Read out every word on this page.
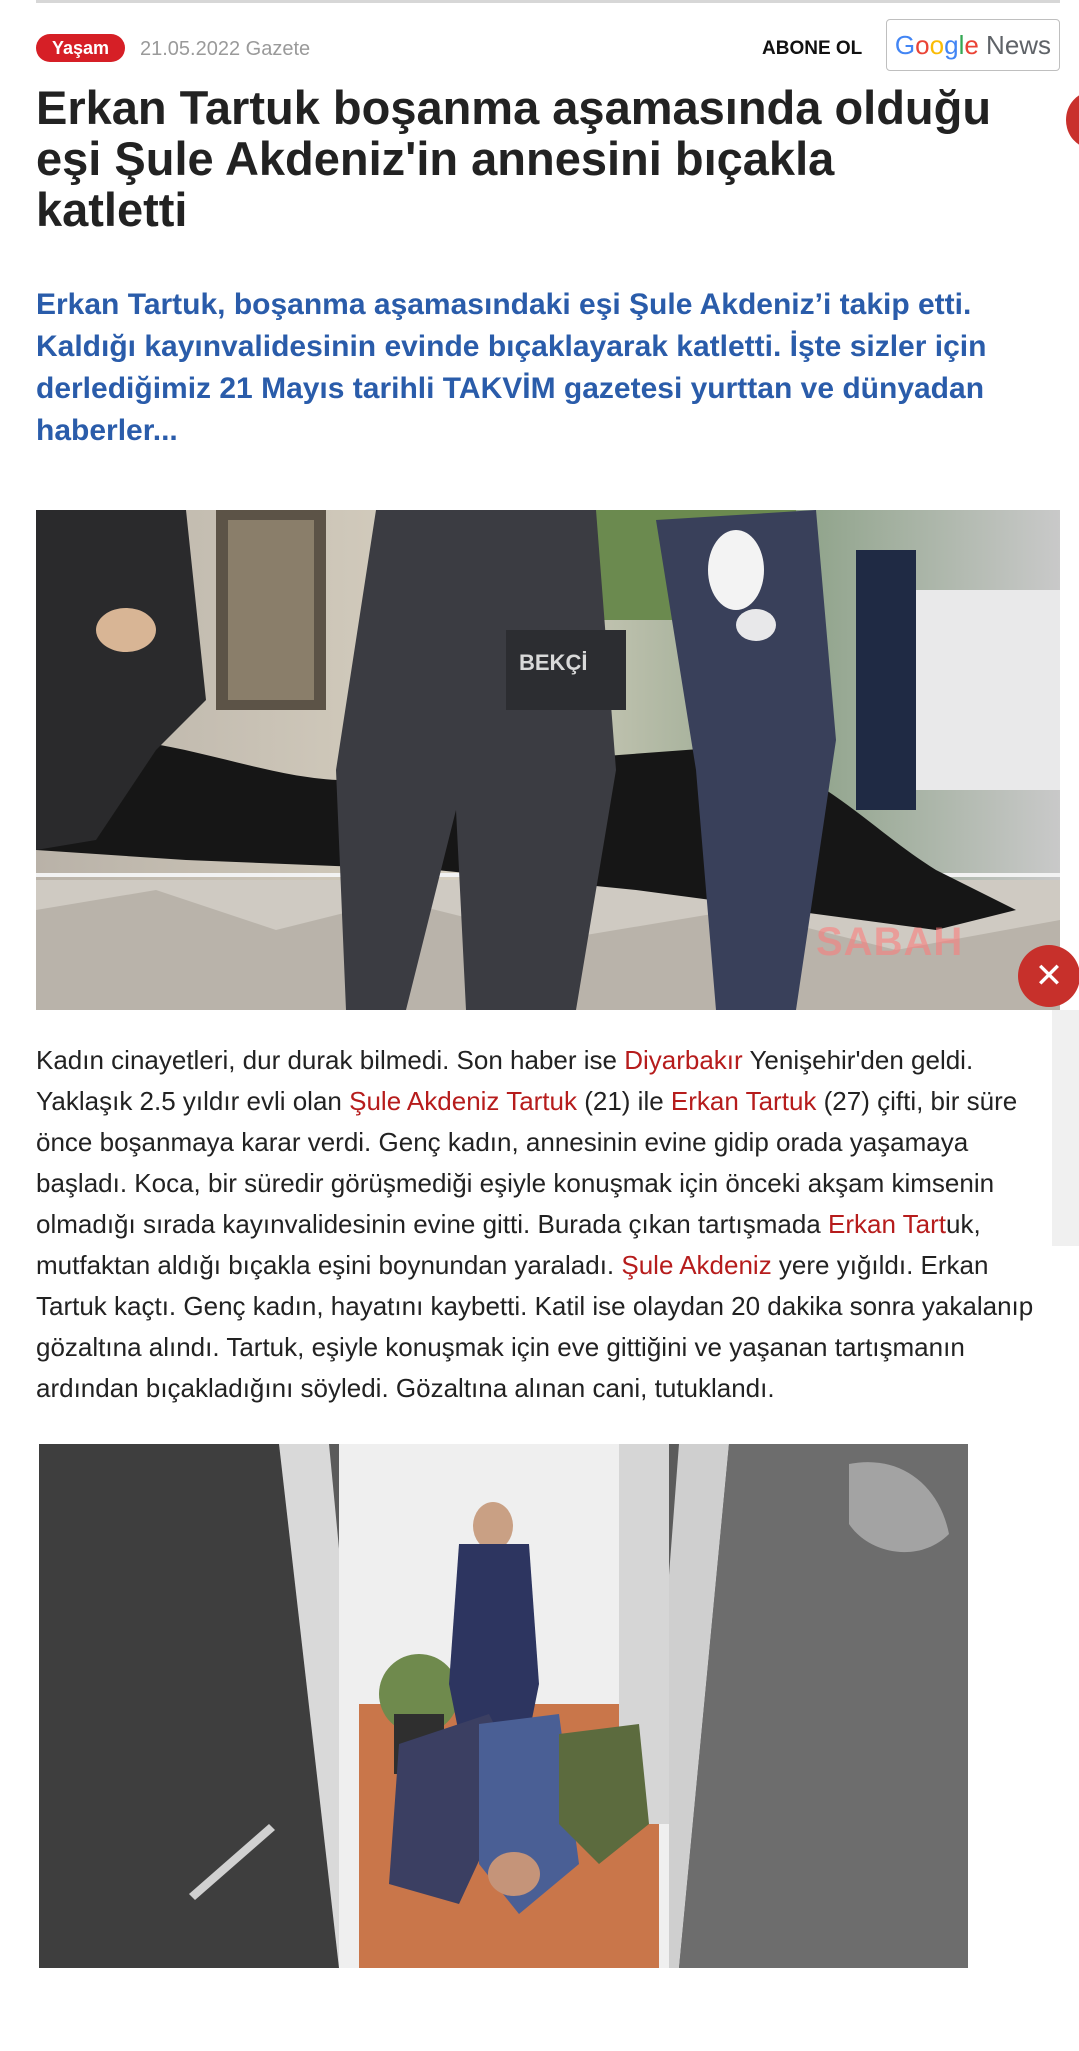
Yaşam	21.05.2022 Gazete	ABONE OL	Google News
Erkan Tartuk boşanma aşamasında olduğu eşi Şule Akdeniz'in annesini bıçakla katletti

Erkan Tartuk, boşanma aşamasındaki eşi Şule Akdeniz’i takip etti. Kaldığı kayınvalidesinin evinde bıçaklayarak katletti. İşte sizler için derlediğimiz 21 Mayıs tarihli TAKVİM gazetesi yurttan ve dünyadan haberler...

BEKÇİ
SABAH
✕

Kadın cinayetleri, dur durak bilmedi. Son haber ise Diyarbakır Yenişehir'den geldi. Yaklaşık 2.5 yıldır evli olan Şule Akdeniz Tartuk (21) ile Erkan Tartuk (27) çifti, bir süre önce boşanmaya karar verdi. Genç kadın, annesinin evine gidip orada yaşamaya başladı. Koca, bir süredir görüşmediği eşiyle konuşmak için önceki akşam kimsenin olmadığı sırada kayınvalidesinin evine gitti. Burada çıkan tartışmada Erkan Tartuk, mutfaktan aldığı bıçakla eşini boynundan yaraladı. Şule Akdeniz yere yığıldı. Erkan Tartuk kaçtı. Genç kadın, hayatını kaybetti. Katil ise olaydan 20 dakika sonra yakalanıp gözaltına alındı. Tartuk, eşiyle konuşmak için eve gittiğini ve yaşanan tartışmanın ardından bıçakladığını söyledi. Gözaltına alınan cani, tutuklandı.
